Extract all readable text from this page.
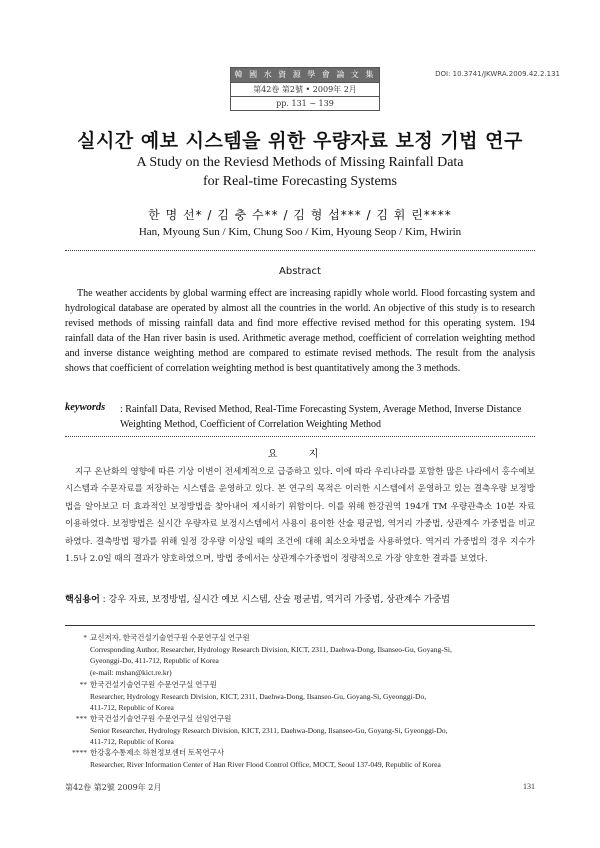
韓 國 水 資 源 學 會 論 文 集
第42卷 第2號 • 2009年 2月
pp. 131 ~ 139
DOI: 10.3741/JKWRA.2009.42.2.131
실시간 예보 시스템을 위한 우량자료 보정 기법 연구
A Study on the Reviesd Methods of Missing Rainfall Data
for Real-time Forecasting Systems
한 명 선* / 김 충 수** / 김 형 섭*** / 김 휘 린****
Han, Myoung Sun / Kim, Chung Soo / Kim, Hyoung Seop / Kim, Hwirin
Abstract
The weather accidents by global warming effect are increasing rapidly whole world. Flood forcasting system and hydrological database are operated by almost all the countries in the world. An objective of this study is to research revised methods of missing rainfall data and find more effective revised method for this operating system. 194 rainfall data of the Han river basin is used. Arithmetic average method, coefficient of correlation weighting method and inverse distance weighting method are compared to estimate revised methods. The result from the analysis shows that coefficient of correlation weighting method is best quantitatively among the 3 methods.
keywords : Rainfall Data, Revised Method, Real-Time Forecasting System, Average Method, Inverse Distance Weighting Method, Coefficient of Correlation Weighting Method
요 지
지구 온난화의 영향에 따른 기상 이변이 전세계적으로 급증하고 있다. 이에 따라 우리나라를 포함한 많은 나라에서 홍수예보 시스템과 수문자료를 저장하는 시스템을 운영하고 있다. 본 연구의 목적은 이러한 시스템에서 운영하고 있는 결측우량 보정방법을 알아보고 더 효과적인 보정방법을 찾아내어 제시하기 위함이다. 이를 위해 한강권역 194개 TM 우량관측소 10분 자료 이용하였다. 보정방법은 실시간 우량자료 보정시스템에서 사용이 용이한 산술 평균법, 역거리 가중법, 상관계수 가중법을 비교하였다. 결측방법 평가를 위해 일정 강우량 이상일 때의 조건에 대해 최소오차법을 사용하였다. 역거리 가중법의 경우 지수가 1.5나 2.0일 때의 결과가 양호하였으며, 방법 중에서는 상관계수가중법이 정량적으로 가장 양호한 결과를 보였다.
핵심용어 : 강우 자료, 보정방법, 실시간 예보 시스템, 산술 평균법, 역거리 가중법, 상관계수 가중법
* 교신저자, 한국건설기술연구원 수문연구실 연구원
Corresponding Author, Researcher, Hydrology Research Division, KICT, 2311, Daehwa-Dong, Ilsanseo-Gu, Goyang-Si,
Gyeonggi-Do, 411-712, Republic of Korea
(e-mail: mshan@kict.re.kr)
** 한국건설기술연구원 수문연구실 연구원
Researcher, Hydrology Research Division, KICT, 2311, Daehwa-Dong, Ilsanseo-Gu, Goyang-Si, Gyeonggi-Do,
411-712, Republic of Korea
*** 한국건설기술연구원 수문연구실 선임연구원
Senior Researcher, Hydrology Research Division, KICT, 2311, Daehwa-Dong, Ilsanseo-Gu, Goyang-Si, Gyeonggi-Do,
411-712, Republic of Korea
**** 한강홍수통제소 하천정보센터 토목연구사
Researcher, River Information Center of Han River Flood Control Office, MOCT, Seoul 137-049, Republic of Korea
第42卷 第2號 2009年 2月	131
